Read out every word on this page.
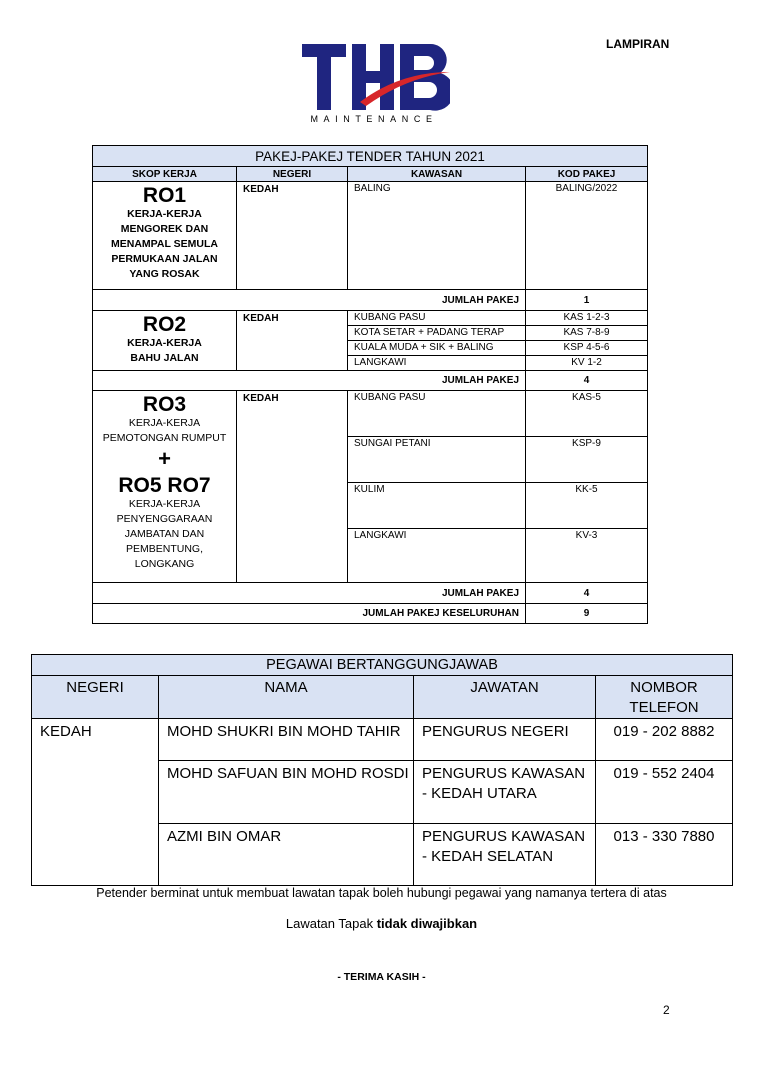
LAMPIRAN
MAINTENANCE
PAKEJ-PAKEJ TENDER TAHUN 2021			
SKOP KERJA	NEGERI	KAWASAN	KOD PAKEJ

RO1
KERJA-KERJA MENGOREK DAN MENAMPAL SEMULA PERMUKAAN JALAN YANG ROSAK	KEDAH	BALING	BALING/2022
JUMLAH PAKEJ			1

RO2
KERJA-KERJA BAHU JALAN	KEDAH	KUBANG PASU	KAS 1-2-3
		KOTA SETAR + PADANG TERAP	KAS 7-8-9
		KUALA MUDA + SIK + BALING	KSP 4-5-6
		LANGKAWI	KV 1-2
JUMLAH PAKEJ			4

RO3
KERJA-KERJA PEMOTONGAN RUMPUT
+
RO5 RO7
KERJA-KERJA PENYENGGARAAN JAMBATAN DAN PEMBENTUNG, LONGKANG	KEDAH	KUBANG PASU	KAS-5
		SUNGAI PETANI	KSP-9
		KULIM	KK-5
		LANGKAWI	KV-3
JUMLAH PAKEJ			4
JUMLAH PAKEJ KESELURUHAN			9
PEGAWAI BERTANGGUNGJAWAB			
NEGERI	NAMA	JAWATAN	NOMBOR TELEFON
KEDAH	MOHD SHUKRI BIN MOHD TAHIR	PENGURUS NEGERI	019 - 202 8882
	MOHD SAFUAN BIN MOHD ROSDI	PENGURUS KAWASAN - KEDAH UTARA	019 - 552 2404
	AZMI BIN OMAR	PENGURUS KAWASAN - KEDAH SELATAN	013 - 330 7880
Petender berminat untuk membuat lawatan tapak boleh hubungi pegawai yang namanya tertera di atas
Lawatan Tapak tidak diwajibkan
- TERIMA KASIH -
2
